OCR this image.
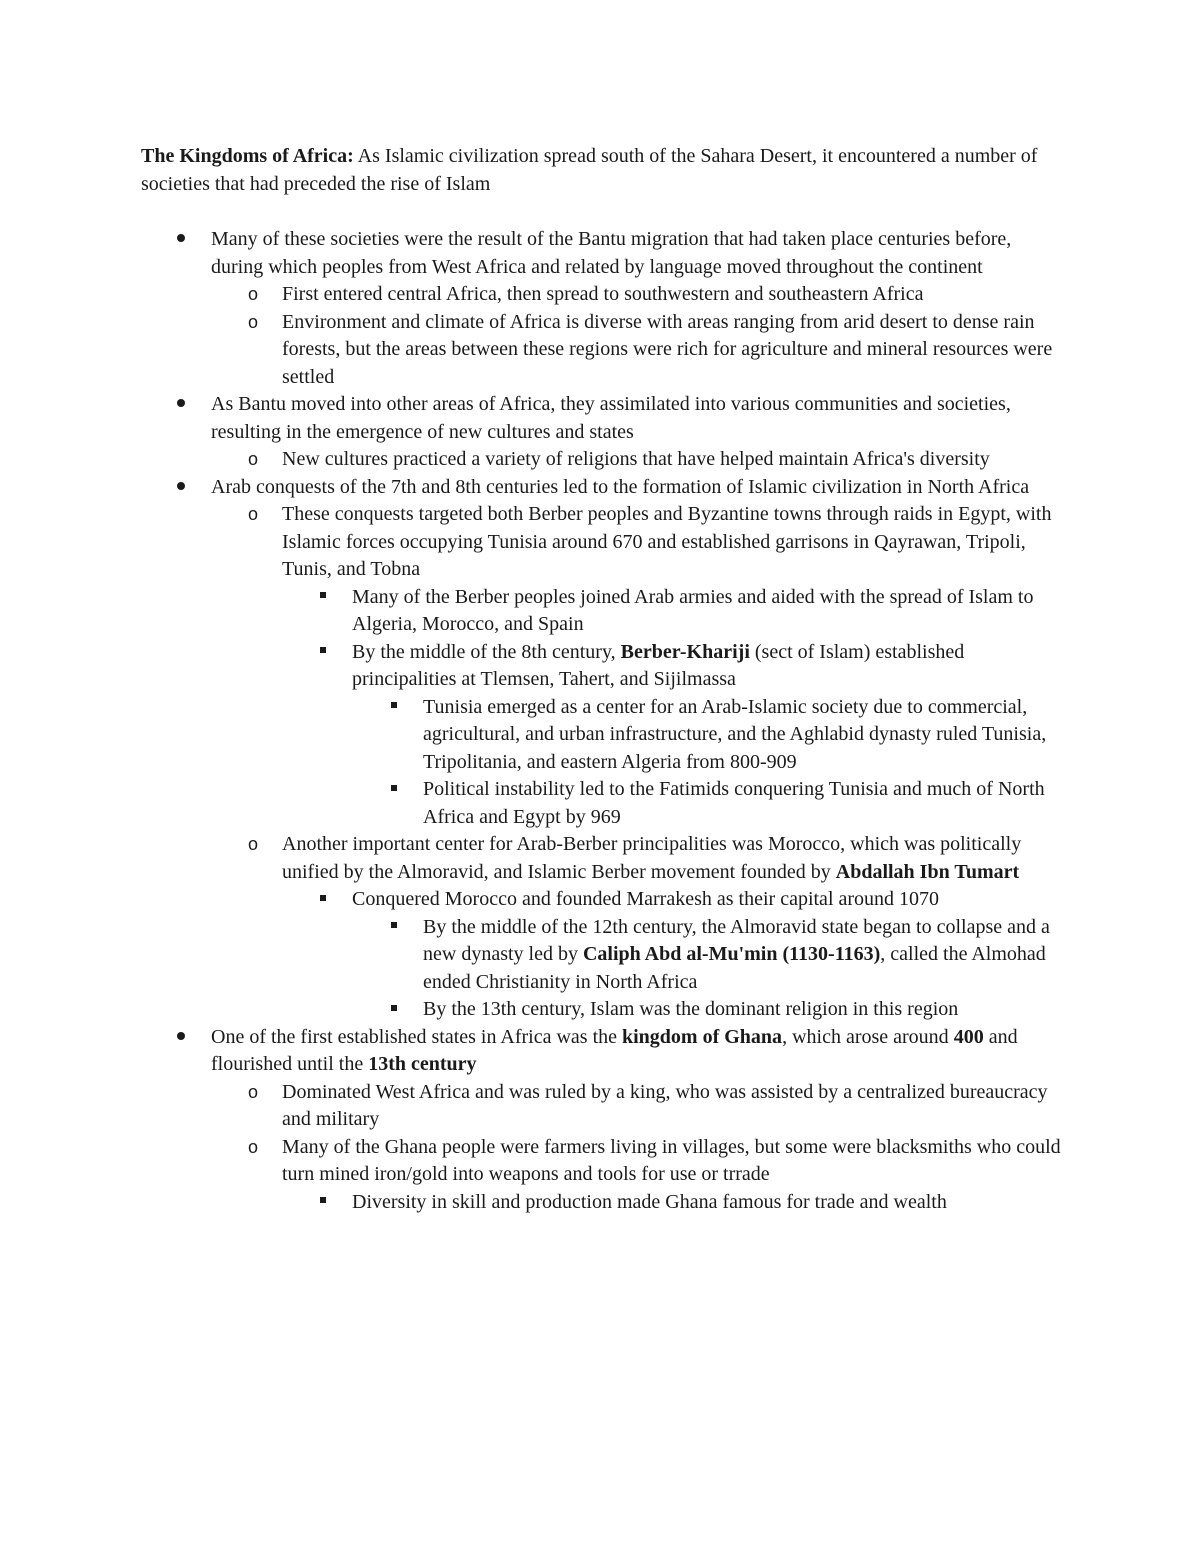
The Kingdoms of Africa: As Islamic civilization spread south of the Sahara Desert, it encountered a number of societies that had preceded the rise of Islam

Many of these societies were the result of the Bantu migration that had taken place centuries before, during which peoples from West Africa and related by language moved throughout the continent
o First entered central Africa, then spread to southwestern and southeastern Africa
o Environment and climate of Africa is diverse with areas ranging from arid desert to dense rain forests, but the areas between these regions were rich for agriculture and mineral resources were settled
As Bantu moved into other areas of Africa, they assimilated into various communities and societies, resulting in the emergence of new cultures and states
o New cultures practiced a variety of religions that have helped maintain Africa's diversity
Arab conquests of the 7th and 8th centuries led to the formation of Islamic civilization in North Africa
o These conquests targeted both Berber peoples and Byzantine towns through raids in Egypt, with Islamic forces occupying Tunisia around 670 and established garrisons in Qayrawan, Tripoli, Tunis, and Tobna
Many of the Berber peoples joined Arab armies and aided with the spread of Islam to Algeria, Morocco, and Spain
By the middle of the 8th century, Berber-Khariji (sect of Islam) established principalities at Tlemsen, Tahert, and Sijilmassa
Tunisia emerged as a center for an Arab-Islamic society due to commercial, agricultural, and urban infrastructure, and the Aghlabid dynasty ruled Tunisia, Tripolitania, and eastern Algeria from 800-909
Political instability led to the Fatimids conquering Tunisia and much of North Africa and Egypt by 969
o Another important center for Arab-Berber principalities was Morocco, which was politically unified by the Almoravid, and Islamic Berber movement founded by Abdallah Ibn Tumart
Conquered Morocco and founded Marrakesh as their capital around 1070
By the middle of the 12th century, the Almoravid state began to collapse and a new dynasty led by Caliph Abd al-Mu'min (1130-1163), called the Almohad ended Christianity in North Africa
By the 13th century, Islam was the dominant religion in this region
One of the first established states in Africa was the kingdom of Ghana, which arose around 400 and flourished until the 13th century
o Dominated West Africa and was ruled by a king, who was assisted by a centralized bureaucracy and military
o Many of the Ghana people were farmers living in villages, but some were blacksmiths who could turn mined iron/gold into weapons and tools for use or trrade
Diversity in skill and production made Ghana famous for trade and wealth
